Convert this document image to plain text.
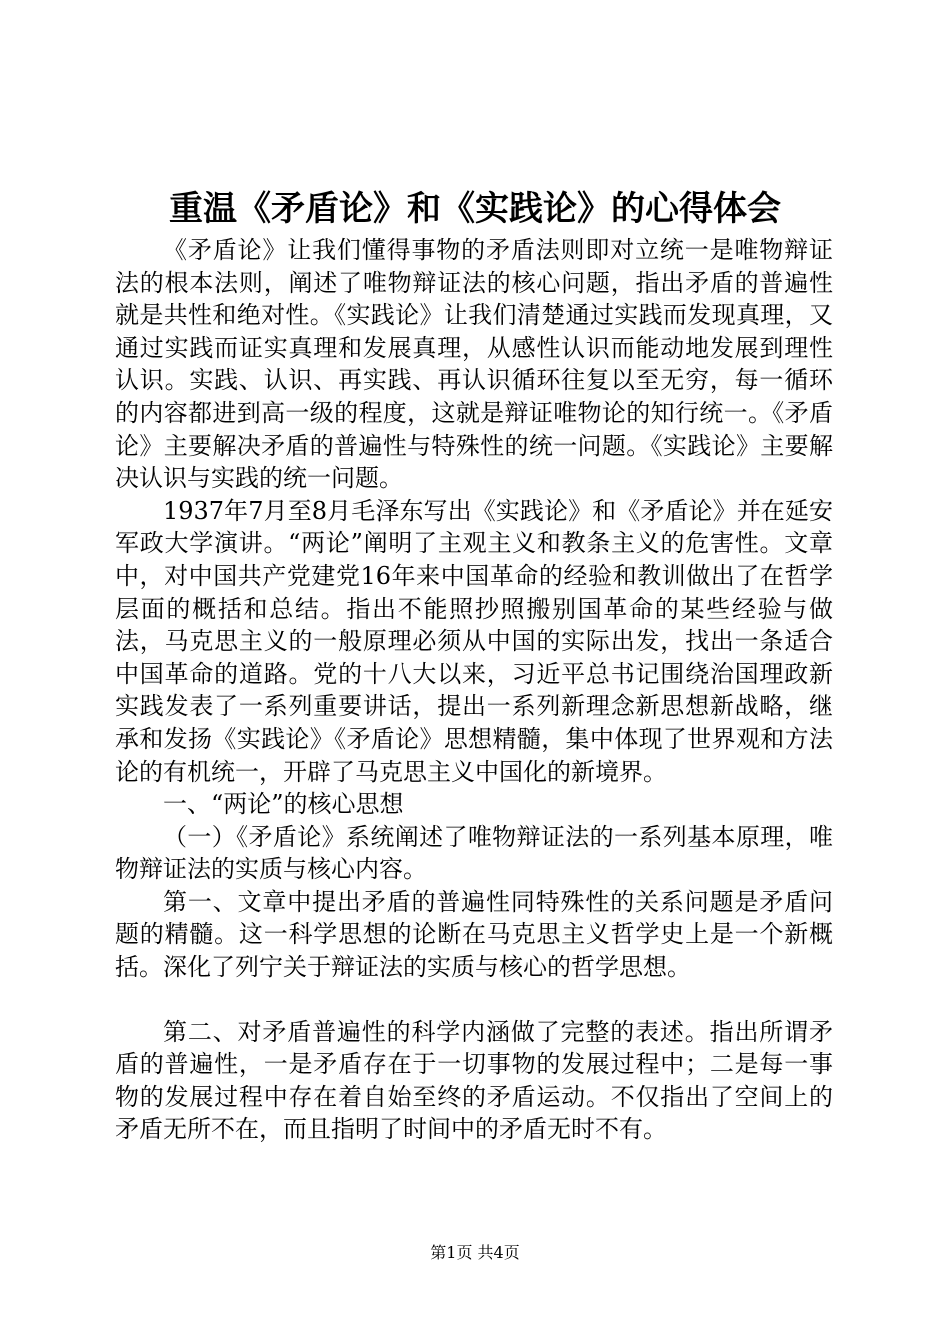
重温《矛盾论》和《实践论》的心得体会

《矛盾论》让我们懂得事物的矛盾法则即对立统一是唯物辩证法的根本法则，阐述了唯物辩证法的核心问题，指出矛盾的普遍性就是共性和绝对性。《实践论》让我们清楚通过实践而发现真理，又通过实践而证实真理和发展真理，从感性认识而能动地发展到理性认识。实践、认识、再实践、再认识循环往复以至无穷，每一循环的内容都进到高一级的程度，这就是辩证唯物论的知行统一。《矛盾论》主要解决矛盾的普遍性与特殊性的统一问题。《实践论》主要解决认识与实践的统一问题。

1937年7月至8月毛泽东写出《实践论》和《矛盾论》并在延安军政大学演讲。“两论”阐明了主观主义和教条主义的危害性。文章中，对中国共产党建党16年来中国革命的经验和教训做出了在哲学层面的概括和总结。指出不能照抄照搬别国革命的某些经验与做法，马克思主义的一般原理必须从中国的实际出发，找出一条适合中国革命的道路。党的十八大以来，习近平总书记围绕治国理政新实践发表了一系列重要讲话，提出一系列新理念新思想新战略，继承和发扬《实践论》《矛盾论》思想精髓，集中体现了世界观和方法论的有机统一，开辟了马克思主义中国化的新境界。

一、“两论”的核心思想

（一）《矛盾论》系统阐述了唯物辩证法的一系列基本原理，唯物辩证法的实质与核心内容。

第一、文章中提出矛盾的普遍性同特殊性的关系问题是矛盾问题的精髓。这一科学思想的论断在马克思主义哲学史上是一个新概括。深化了列宁关于辩证法的实质与核心的哲学思想。

第二、对矛盾普遍性的科学内涵做了完整的表述。指出所谓矛盾的普遍性，一是矛盾存在于一切事物的发展过程中；二是每一事物的发展过程中存在着自始至终的矛盾运动。不仅指出了空间上的矛盾无所不在，而且指明了时间中的矛盾无时不有。

第1页 共4页
